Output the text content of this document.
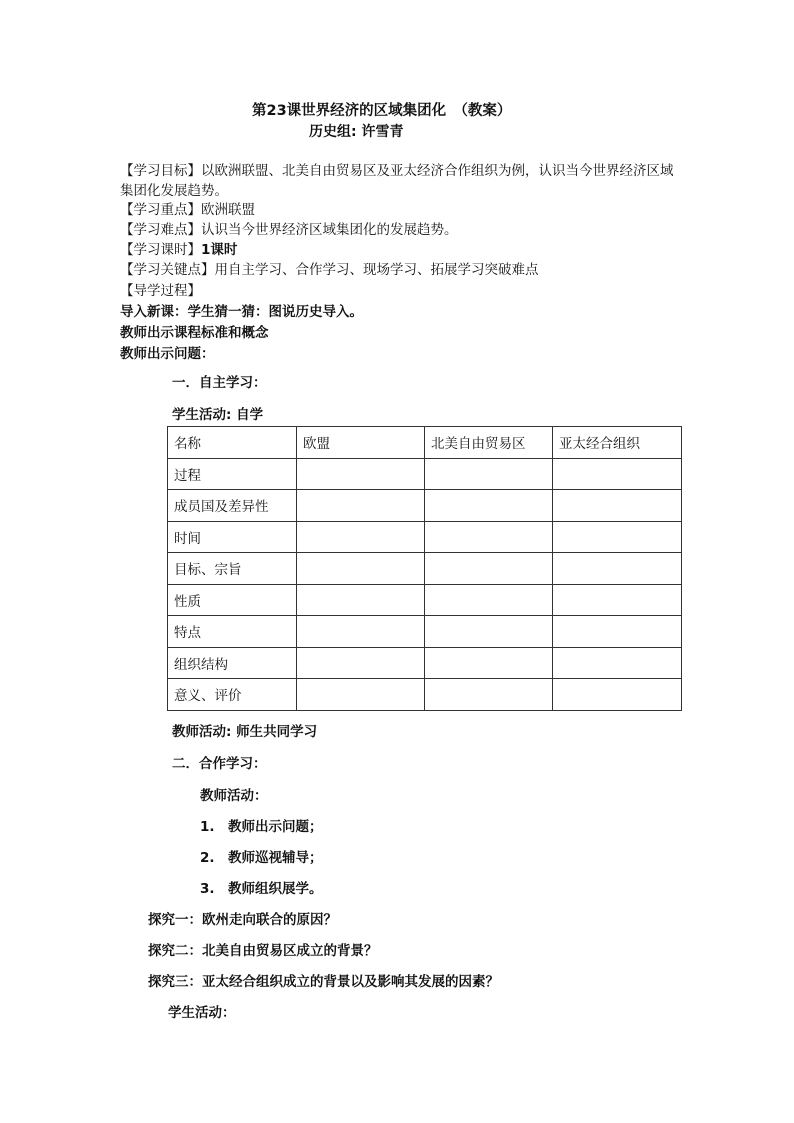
第23课世界经济的区域集团化　（教案）
历史组: 许雪青
【学习目标】以欧洲联盟、北美自由贸易区及亚太经济合作组织为例，认识当今世界经济区域集团化发展趋势。
【学习重点】欧洲联盟
【学习难点】认识当今世界经济区域集团化的发展趋势。
【学习课时】1课时
【学习关键点】用自主学习、合作学习、现场学习、拓展学习突破难点
【导学过程】
导入新课：学生猜一猜：图说历史导入。
教师出示课程标准和概念
教师出示问题：
一．自主学习：
学生活动: 自学
名称	欧盟	北美自由贸易区	亚太经合组织
过程			
成员国及差异性			
时间			
目标、宗旨			
性质			
特点			
组织结构			
意义、评价			
教师活动: 师生共同学习
二．合作学习：
教师活动：
1.　教师出示问题；
2.　教师巡视辅导；
3.　教师组织展学。
探究一：欧州走向联合的原因？
探究二：北美自由贸易区成立的背景？
探究三：亚太经合组织成立的背景以及影响其发展的因素？
学生活动：
